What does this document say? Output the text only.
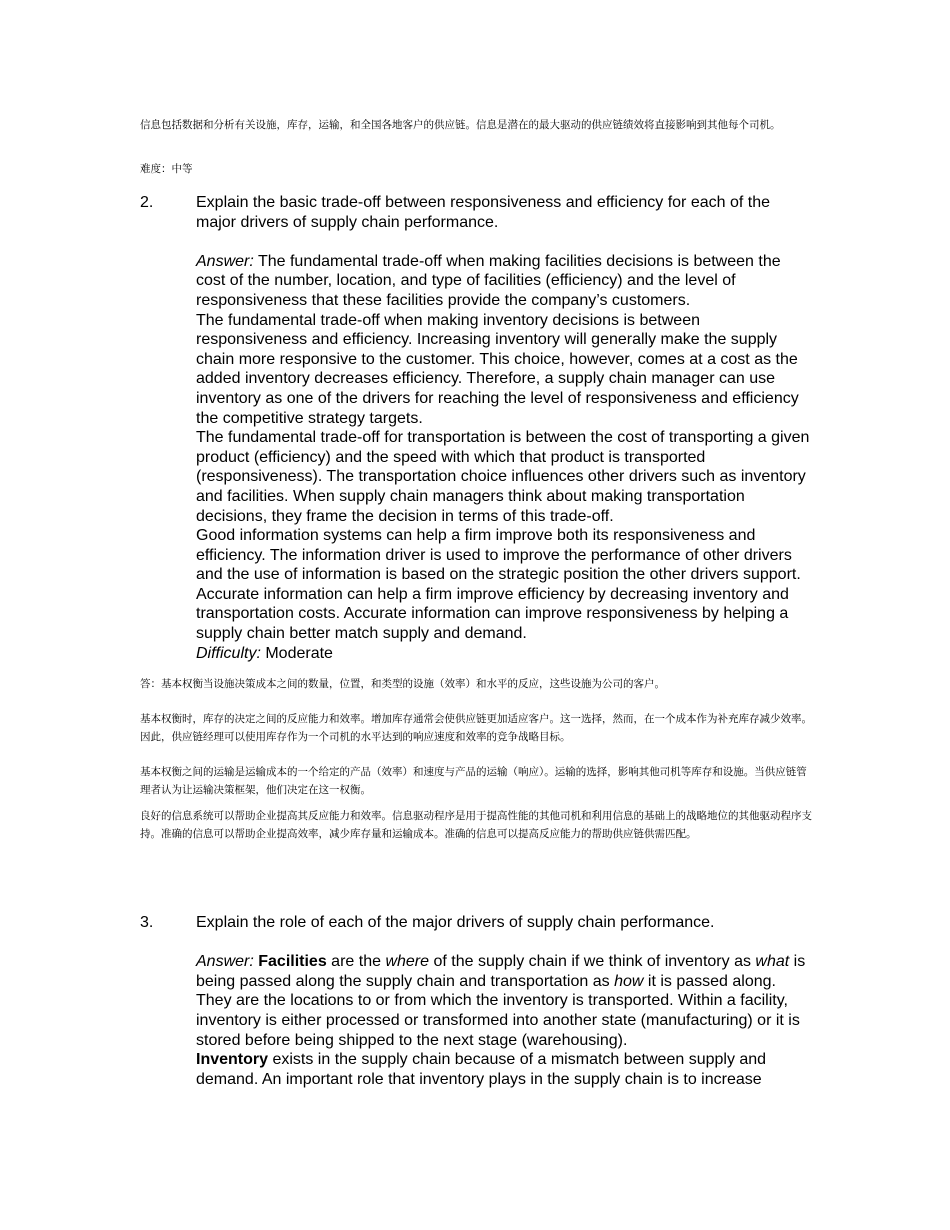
信息包括数据和分析有关设施，库存，运输，和全国各地客户的供应链。信息是潜在的最大驱动的供应链绩效将直接影响到其他每个司机。

难度：中等

2.	Explain the basic trade-off between responsiveness and efficiency for each of the major drivers of supply chain performance.

Answer: The fundamental trade-off when making facilities decisions is between the cost of the number, location, and type of facilities (efficiency) and the level of responsiveness that these facilities provide the company’s customers.

The fundamental trade-off when making inventory decisions is between responsiveness and efficiency. Increasing inventory will generally make the supply chain more responsive to the customer. This choice, however, comes at a cost as the added inventory decreases efficiency. Therefore, a supply chain manager can use inventory as one of the drivers for reaching the level of responsiveness and efficiency the competitive strategy targets.

The fundamental trade-off for transportation is between the cost of transporting a given product (efficiency) and the speed with which that product is transported (responsiveness). The transportation choice influences other drivers such as inventory and facilities. When supply chain managers think about making transportation decisions, they frame the decision in terms of this trade-off.

Good information systems can help a firm improve both its responsiveness and efficiency. The information driver is used to improve the performance of other drivers and the use of information is based on the strategic position the other drivers support. Accurate information can help a firm improve efficiency by decreasing inventory and transportation costs. Accurate information can improve responsiveness by helping a supply chain better match supply and demand.

Difficulty: Moderate

答：基本权衡当设施决策成本之间的数量，位置，和类型的设施（效率）和水平的反应，这些设施为公司的客户。

基本权衡时，库存的决定之间的反应能力和效率。增加库存通常会使供应链更加适应客户。这一选择，然而，在一个成本作为补充库存减少效率。因此，供应链经理可以使用库存作为一个司机的水平达到的响应速度和效率的竞争战略目标。

基本权衡之间的运输是运输成本的一个给定的产品（效率）和速度与产品的运输（响应）。运输的选择，影响其他司机等库存和设施。当供应链管理者认为让运输决策框架，他们决定在这一权衡。

良好的信息系统可以帮助企业提高其反应能力和效率。信息驱动程序是用于提高性能的其他司机和利用信息的基础上的战略地位的其他驱动程序支持。准确的信息可以帮助企业提高效率，减少库存量和运输成本。准确的信息可以提高反应能力的帮助供应链供需匹配。

3.	Explain the role of each of the major drivers of supply chain performance.

Answer: Facilities are the where of the supply chain if we think of inventory as what is being passed along the supply chain and transportation as how it is passed along. They are the locations to or from which the inventory is transported. Within a facility, inventory is either processed or transformed into another state (manufacturing) or it is stored before being shipped to the next stage (warehousing).

Inventory exists in the supply chain because of a mismatch between supply and demand. An important role that inventory plays in the supply chain is to increase
